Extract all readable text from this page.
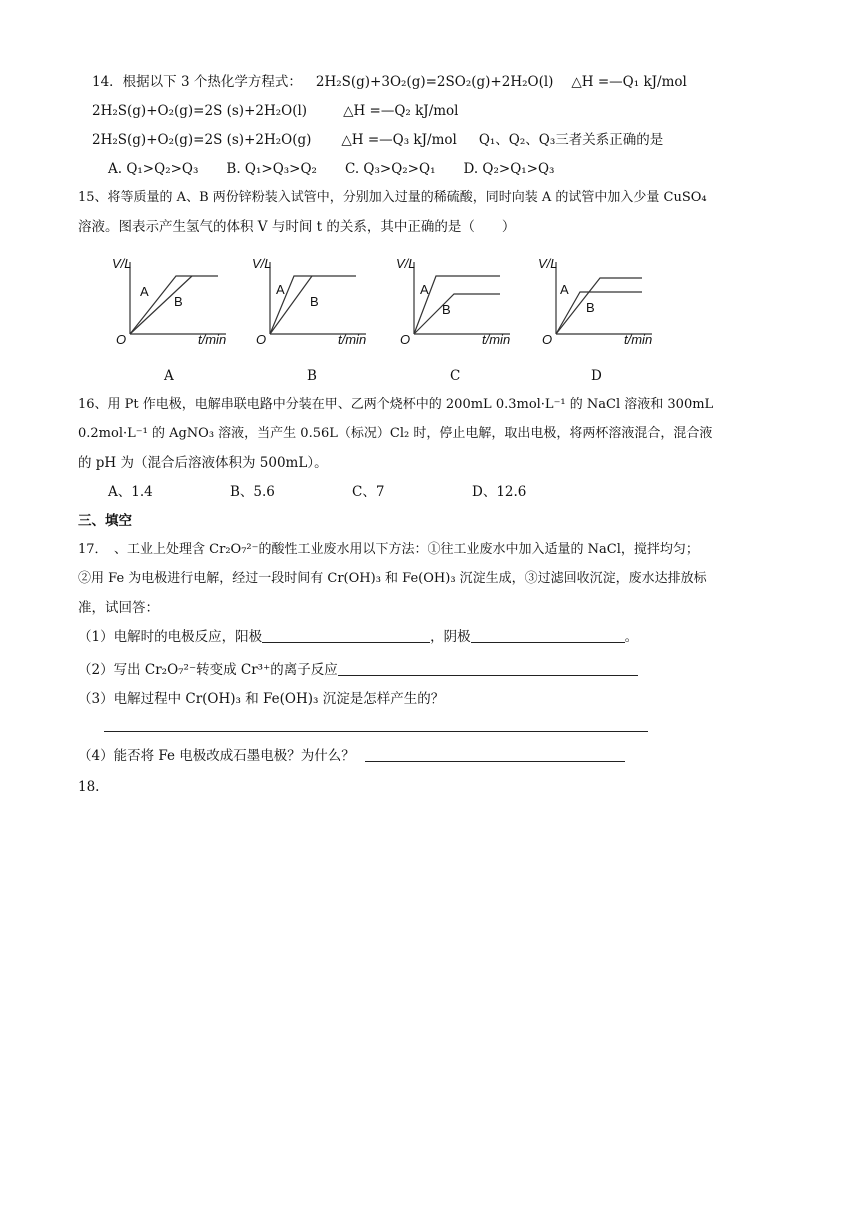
14．根据以下 3 个热化学方程式： 2H₂S(g)+3O₂(g)=2SO₂(g)+2H₂O(l) △H =—Q₁ kJ/mol
2H₂S(g)+O₂(g)=2S (s)+2H₂O(l)	△H =—Q₂ kJ/mol
2H₂S(g)+O₂(g)=2S (s)+2H₂O(g) △H =—Q₃ kJ/mol Q₁、Q₂、Q₃三者关系正确的是
A. Q₁>Q₂>Q₃ B. Q₁>Q₃>Q₂ C. Q₃>Q₂>Q₁ D. Q₂>Q₁>Q₃
15、将等质量的 A、B 两份锌粉装入试管中，分别加入过量的稀硫酸，同时向装 A 的试管中加入少量 CuSO₄
溶液。图表示产生氢气的体积 V 与时间 t 的关系，其中正确的是（　　）
V/L
O	t/min
A
B
V/L
O	t/min
A
B
V/L
O	t/min
A
B
V/L
O	t/min
A
B
A	B	C	D
16、用 Pt 作电极，电解串联电路中分装在甲、乙两个烧杯中的 200mL 0.3mol·L⁻¹ 的 NaCl 溶液和 300mL
0.2mol·L⁻¹ 的 AgNO₃ 溶液，当产生 0.56L（标况）Cl₂ 时，停止电解，取出电极，将两杯溶液混合，混合液
的 pH 为（混合后溶液体积为 500mL）。
A、1.4	B、5.6	C、7	D、12.6
三、填空
17．　、工业上处理含 Cr₂O₇²⁻的酸性工业废水用以下方法：①往工业废水中加入适量的 NaCl，搅拌均匀；
②用 Fe 为电极进行电解，经过一段时间有 Cr(OH)₃ 和 Fe(OH)₃ 沉淀生成，③过滤回收沉淀，废水达排放标
准，试回答：
（1）电解时的电极反应，阳极	，阴极	。
（2）写出 Cr₂O₇²⁻转变成 Cr³⁺的离子反应
（3）电解过程中 Cr(OH)₃ 和 Fe(OH)₃ 沉淀是怎样产生的？
（4）能否将 Fe 电极改成石墨电极？为什么？
18.
